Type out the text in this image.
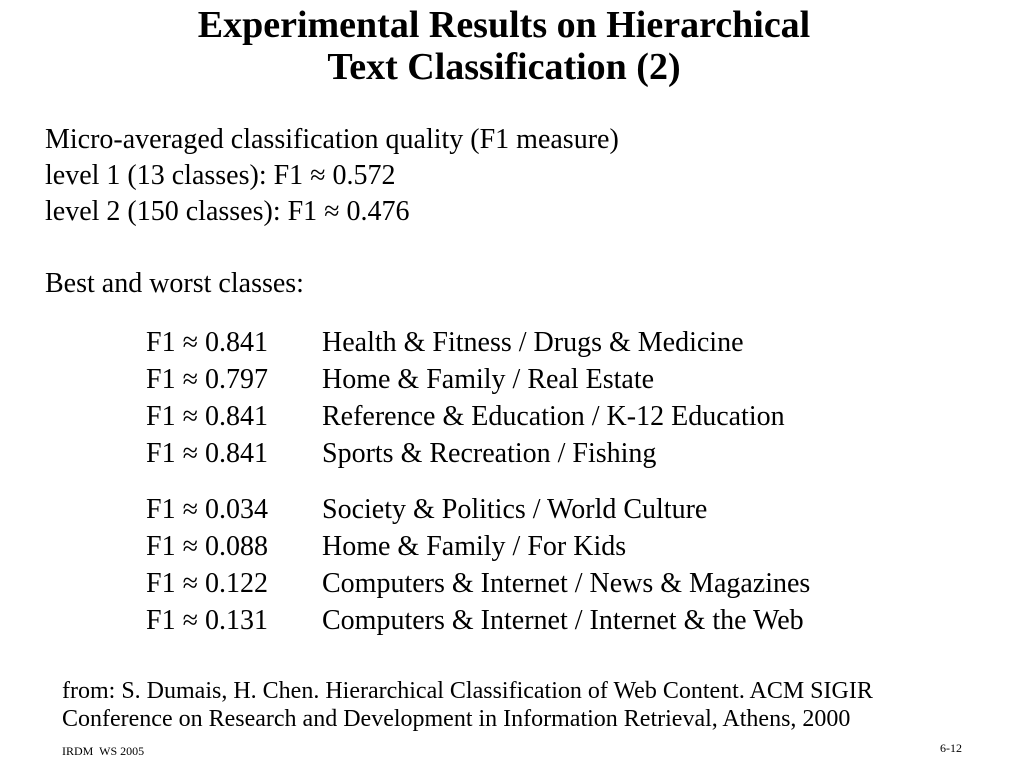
Experimental Results on Hierarchical
Text Classification (2)
Micro-averaged classification quality (F1 measure)
level 1 (13 classes): F1 ≈ 0.572
level 2 (150 classes): F1 ≈ 0.476
Best and worst classes:
F1 ≈ 0.841	Health & Fitness / Drugs & Medicine
F1 ≈ 0.797	Home & Family / Real Estate
F1 ≈ 0.841	Reference & Education / K-12 Education
F1 ≈ 0.841	Sports & Recreation / Fishing
F1 ≈ 0.034	Society & Politics / World Culture
F1 ≈ 0.088	Home & Family / For Kids
F1 ≈ 0.122	Computers & Internet / News & Magazines
F1 ≈ 0.131	Computers & Internet / Internet & the Web
from: S. Dumais, H. Chen. Hierarchical Classification of Web Content. ACM SIGIR
Conference on Research and Development in Information Retrieval, Athens, 2000
IRDM  WS 2005	6-12
